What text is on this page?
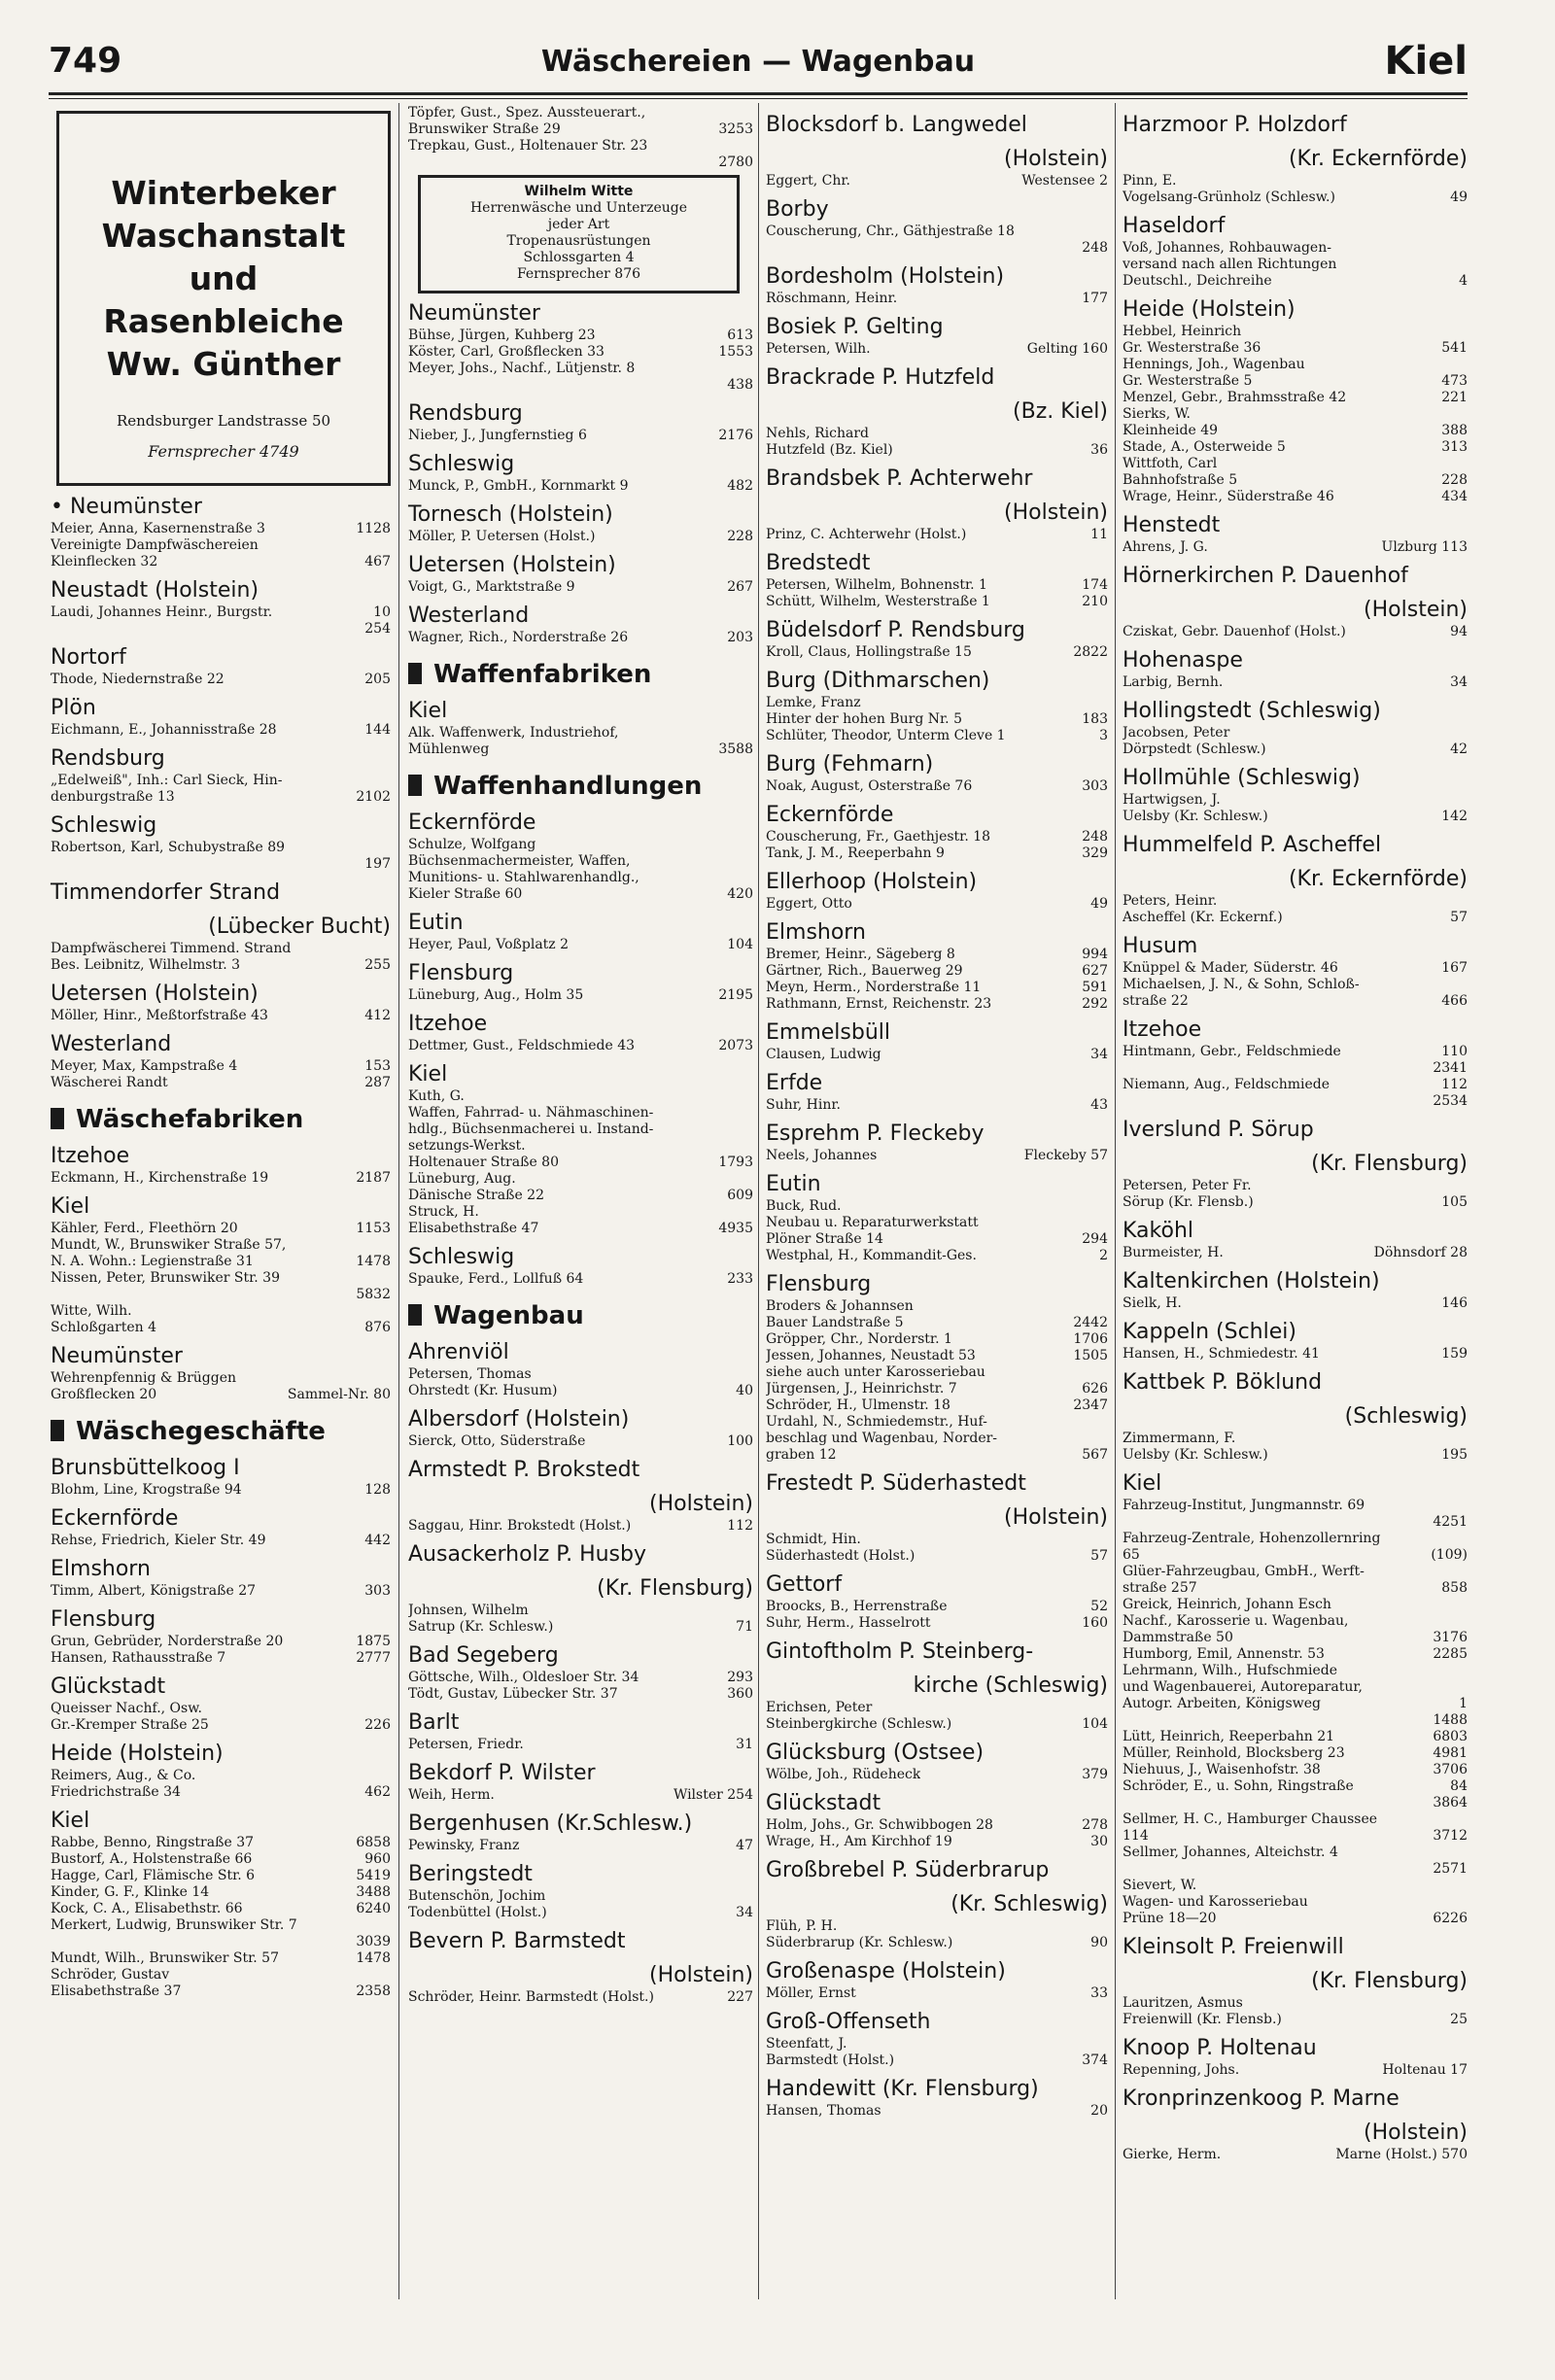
749	Wäschereien — Wagenbau	Kiel
Winterbeker
Waschanstalt
und
Rasenbleiche
Ww. Günther
Rendsburger Landstrasse 50
Fernsprecher 4749
• Neumünster
Meier, Anna, Kasernenstraße 3	1128
Vereinigte Dampfwäschereien
Kleinflecken 32	467
Neustadt (Holstein)
Laudi, Johannes Heinr., Burgstr.	10
254
Nortorf
Thode, Niedernstraße 22	205
Plön
Eichmann, E., Johannisstraße 28	144
Rendsburg
„Edelweiß", Inh.: Carl Sieck, Hin-
denburgstraße 13	2102
Schleswig
Robertson, Karl, Schubystraße 89
197
Timmendorfer Strand
(Lübecker Bucht)
Dampfwäscherei Timmend. Strand
Bes. Leibnitz, Wilhelmstr. 3	255
Uetersen (Holstein)
Möller, Hinr., Meßtorfstraße 43	412
Westerland
Meyer, Max, Kampstraße 4	153
Wäscherei Randt	287
Wäschefabriken
Itzehoe
Eckmann, H., Kirchenstraße 19	2187
Kiel
Kähler, Ferd., Fleethörn 20	1153
Mundt, W., Brunswiker Straße 57,
N. A. Wohn.: Legienstraße 31	1478
Nissen, Peter, Brunswiker Str. 39
5832
Witte, Wilh.
Schloßgarten 4	876
Neumünster
Wehrenpfennig & Brüggen
Großflecken 20	Sammel-Nr. 80
Wäschegeschäfte
Brunsbüttelkoog I
Blohm, Line, Krogstraße 94	128
Eckernförde
Rehse, Friedrich, Kieler Str. 49	442
Elmshorn
Timm, Albert, Königstraße 27	303
Flensburg
Grun, Gebrüder, Norderstraße 20	1875
Hansen, Rathausstraße 7	2777
Glückstadt
Queisser Nachf., Osw.
Gr.-Kremper Straße 25	226
Heide (Holstein)
Reimers, Aug., & Co.
Friedrichstraße 34	462
Kiel
Rabbe, Benno, Ringstraße 37	6858
Bustorf, A., Holstenstraße 66	960
Hagge, Carl, Flämische Str. 6	5419
Kinder, G. F., Klinke 14	3488
Kock, C. A., Elisabethstr. 66	6240
Merkert, Ludwig, Brunswiker Str. 7
3039
Mundt, Wilh., Brunswiker Str. 57	1478
Schröder, Gustav
Elisabethstraße 37	2358
Töpfer, Gust., Spez. Aussteuerart.,
Brunswiker Straße 29	3253
Trepkau, Gust., Holtenauer Str. 23
2780
Wilhelm Witte
Herrenwäsche und Unterzeuge
jeder Art
Tropenausrüstungen
Schlossgarten 4
Fernsprecher 876
Neumünster
Bühse, Jürgen, Kuhberg 23	613
Köster, Carl, Großflecken 33	1553
Meyer, Johs., Nachf., Lütjenstr. 8
438
Rendsburg
Nieber, J., Jungfernstieg 6	2176
Schleswig
Munck, P., GmbH., Kornmarkt 9	482
Tornesch (Holstein)
Möller, P. Uetersen (Holst.)	228
Uetersen (Holstein)
Voigt, G., Marktstraße 9	267
Westerland
Wagner, Rich., Norderstraße 26	203
Waffenfabriken
Kiel
Alk. Waffenwerk, Industriehof,
Mühlenweg	3588
Waffenhandlungen
Eckernförde
Schulze, Wolfgang
Büchsenmachermeister, Waffen,
Munitions- u. Stahlwarenhandlg.,
Kieler Straße 60	420
Eutin
Heyer, Paul, Voßplatz 2	104
Flensburg
Lüneburg, Aug., Holm 35	2195
Itzehoe
Dettmer, Gust., Feldschmiede 43	2073
Kiel
Kuth, G.
Waffen, Fahrrad- u. Nähmaschinen-
hdlg., Büchsenmacherei u. Instand-
setzungs-Werkst.
Holtenauer Straße 80	1793
Lüneburg, Aug.
Dänische Straße 22	609
Struck, H.
Elisabethstraße 47	4935
Schleswig
Spauke, Ferd., Lollfuß 64	233
Wagenbau
Ahrenviöl
Petersen, Thomas
Ohrstedt (Kr. Husum)	40
Albersdorf (Holstein)
Sierck, Otto, Süderstraße	100
Armstedt P. Brokstedt
(Holstein)
Saggau, Hinr. Brokstedt (Holst.)	112
Ausackerholz P. Husby
(Kr. Flensburg)
Johnsen, Wilhelm
Satrup (Kr. Schlesw.)	71
Bad Segeberg
Göttsche, Wilh., Oldesloer Str. 34	293
Tödt, Gustav, Lübecker Str. 37	360
Barlt
Petersen, Friedr.	31
Bekdorf P. Wilster
Weih, Herm.	Wilster 254
Bergenhusen (Kr.Schlesw.)
Pewinsky, Franz	47
Beringstedt
Butenschön, Jochim
Todenbüttel (Holst.)	34
Bevern P. Barmstedt
(Holstein)
Schröder, Heinr. Barmstedt (Holst.)	227
Blocksdorf b. Langwedel
(Holstein)
Eggert, Chr.	Westensee 2
Borby
Couscherung, Chr., Gäthjestraße 18
248
Bordesholm (Holstein)
Röschmann, Heinr.	177
Bosiek P. Gelting
Petersen, Wilh.	Gelting 160
Brackrade P. Hutzfeld
(Bz. Kiel)
Nehls, Richard
Hutzfeld (Bz. Kiel)	36
Brandsbek P. Achterwehr
(Holstein)
Prinz, C. Achterwehr (Holst.)	11
Bredstedt
Petersen, Wilhelm, Bohnenstr. 1	174
Schütt, Wilhelm, Westerstraße 1	210
Büdelsdorf P. Rendsburg
Kroll, Claus, Hollingstraße 15	2822
Burg (Dithmarschen)
Lemke, Franz
Hinter der hohen Burg Nr. 5	183
Schlüter, Theodor, Unterm Cleve 1	3
Burg (Fehmarn)
Noak, August, Osterstraße 76	303
Eckernförde
Couscherung, Fr., Gaethjestr. 18	248
Tank, J. M., Reeperbahn 9	329
Ellerhoop (Holstein)
Eggert, Otto	49
Elmshorn
Bremer, Heinr., Sägeberg 8	994
Gärtner, Rich., Bauerweg 29	627
Meyn, Herm., Norderstraße 11	591
Rathmann, Ernst, Reichenstr. 23	292
Emmelsbüll
Clausen, Ludwig	34
Erfde
Suhr, Hinr.	43
Esprehm P. Fleckeby
Neels, Johannes	Fleckeby 57
Eutin
Buck, Rud.
Neubau u. Reparaturwerkstatt
Plöner Straße 14	294
Westphal, H., Kommandit-Ges.	2
Flensburg
Broders & Johannsen
Bauer Landstraße 5	2442
Gröpper, Chr., Norderstr. 1	1706
Jessen, Johannes, Neustadt 53	1505
siehe auch unter Karosseriebau
Jürgensen, J., Heinrichstr. 7	626
Schröder, H., Ulmenstr. 18	2347
Urdahl, N., Schmiedemstr., Huf-
beschlag und Wagenbau, Norder-
graben 12	567
Frestedt P. Süderhastedt
(Holstein)
Schmidt, Hin.
Süderhastedt (Holst.)	57
Gettorf
Broocks, B., Herrenstraße	52
Suhr, Herm., Hasselrott	160
Gintoftholm P. Steinberg-
kirche (Schleswig)
Erichsen, Peter
Steinbergkirche (Schlesw.)	104
Glücksburg (Ostsee)
Wölbe, Joh., Rüdeheck	379
Glückstadt
Holm, Johs., Gr. Schwibbogen 28	278
Wrage, H., Am Kirchhof 19	30
Großbrebel P. Süderbrarup
(Kr. Schleswig)
Flüh, P. H.
Süderbrarup (Kr. Schlesw.)	90
Großenaspe (Holstein)
Möller, Ernst	33
Groß-Offenseth
Steenfatt, J.
Barmstedt (Holst.)	374
Handewitt (Kr. Flensburg)
Hansen, Thomas	20
Harzmoor P. Holzdorf
(Kr. Eckernförde)
Pinn, E.
Vogelsang-Grünholz (Schlesw.)	49
Haseldorf
Voß, Johannes, Rohbauwagen-
versand nach allen Richtungen
Deutschl., Deichreihe	4
Heide (Holstein)
Hebbel, Heinrich
Gr. Westerstraße 36	541
Hennings, Joh., Wagenbau
Gr. Westerstraße 5	473
Menzel, Gebr., Brahmsstraße 42	221
Sierks, W.
Kleinheide 49	388
Stade, A., Osterweide 5	313
Wittfoth, Carl
Bahnhofstraße 5	228
Wrage, Heinr., Süderstraße 46	434
Henstedt
Ahrens, J. G.	Ulzburg 113
Hörnerkirchen P. Dauenhof
(Holstein)
Cziskat, Gebr. Dauenhof (Holst.)	94
Hohenaspe
Larbig, Bernh.	34
Hollingstedt (Schleswig)
Jacobsen, Peter
Dörpstedt (Schlesw.)	42
Hollmühle (Schleswig)
Hartwigsen, J.
Uelsby (Kr. Schlesw.)	142
Hummelfeld P. Ascheffel
(Kr. Eckernförde)
Peters, Heinr.
Ascheffel (Kr. Eckernf.)	57
Husum
Knüppel & Mader, Süderstr. 46	167
Michaelsen, J. N., & Sohn, Schloß-
straße 22	466
Itzehoe
Hintmann, Gebr., Feldschmiede	110
2341
Niemann, Aug., Feldschmiede	112
2534
Iverslund P. Sörup
(Kr. Flensburg)
Petersen, Peter Fr.
Sörup (Kr. Flensb.)	105
Kaköhl
Burmeister, H.	Döhnsdorf 28
Kaltenkirchen (Holstein)
Sielk, H.	146
Kappeln (Schlei)
Hansen, H., Schmiedestr. 41	159
Kattbek P. Böklund
(Schleswig)
Zimmermann, F.
Uelsby (Kr. Schlesw.)	195
Kiel
Fahrzeug-Institut, Jungmannstr. 69
4251
Fahrzeug-Zentrale, Hohenzollernring
65	(109)
Glüer-Fahrzeugbau, GmbH., Werft-
straße 257	858
Greick, Heinrich, Johann Esch
Nachf., Karosserie u. Wagenbau,
Dammstraße 50	3176
Humborg, Emil, Annenstr. 53	2285
Lehrmann, Wilh., Hufschmiede
und Wagenbauerei, Autoreparatur,
Autogr. Arbeiten, Königsweg	1
1488
Lütt, Heinrich, Reeperbahn 21	6803
Müller, Reinhold, Blocksberg 23	4981
Niehuus, J., Waisenhofstr. 38	3706
Schröder, E., u. Sohn, Ringstraße	84
3864
Sellmer, H. C., Hamburger Chaussee
114	3712
Sellmer, Johannes, Alteichstr. 4
2571
Sievert, W.
Wagen- und Karosseriebau
Prüne 18—20	6226
Kleinsolt P. Freienwill
(Kr. Flensburg)
Lauritzen, Asmus
Freienwill (Kr. Flensb.)	25
Knoop P. Holtenau
Repenning, Johs.	Holtenau 17
Kronprinzenkoog P. Marne
(Holstein)
Gierke, Herm.	Marne (Holst.) 570
